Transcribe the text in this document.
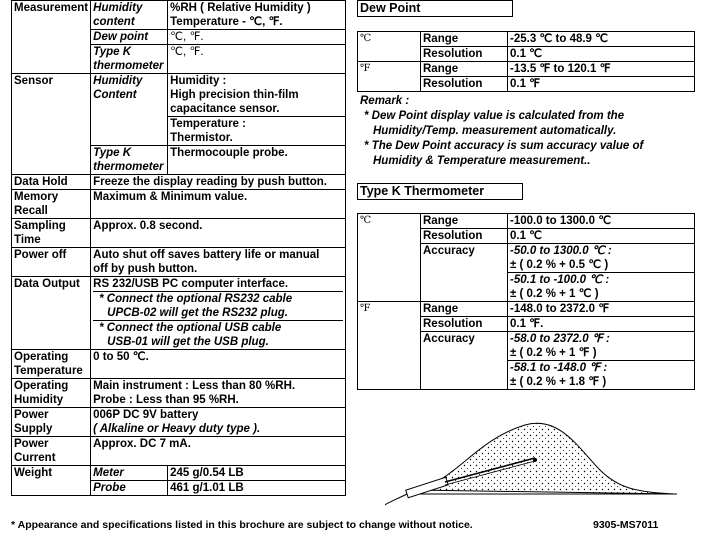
Measurement	Humidity content	%RH ( Relative Humidity )
Temperature - ℃, ℉.
	Dew point	℃, ℉.
	Type K thermometer	℃, ℉.
Sensor	Humidity Content	Humidity :
High precision thin-film
capacitance sensor.
		Temperature :
Thermistor.
	Type K thermometer	Thermocouple probe.
Data Hold	Freeze the display reading by push button.	
Memory Recall	Maximum & Minimum value.	
Sampling Time	Approx. 0.8 second.	
Power off	Auto shut off saves battery life or manual
off by push button.	
Data Output	RS 232/USB PC computer interface.
* Connect the optional RS232 cable
UPCB-02 will get the RS232 plug.
* Connect the optional USB cable
USB-01 will get the USB plug.	

Operating Temperature	0 to 50 ℃.	
Operating Humidity	Main instrument : Less than 80 %RH.
Probe : Less than 95 %RH.	
Power Supply	006P DC 9V battery
( Alkaline or Heavy duty type ).	
Power Current	Approx. DC 7 mA.	
Weight	Meter	245 g/0.54 LB
	Probe	461 g/1.01 LB
Dew Point
℃	Range	-25.3 ℃ to 48.9 ℃
	Resolution	0.1 ℃
℉	Range	-13.5 ℉ to 120.1 ℉
	Resolution	0.1 ℉
Remark :
* Dew Point display value is calculated from the
Humidity/Temp. measurement automatically.
* The Dew Point accuracy is sum accuracy value of
Humidity & Temperature measurement..
Type K Thermometer
℃	Range	-100.0 to 1300.0 ℃
	Resolution	0.1 ℃
	Accuracy	-50.0 to 1300.0 ℃ :
± ( 0.2 % + 0.5 ℃ )
		-50.1 to -100.0 ℃ :
± ( 0.2 % + 1 ℃ )
℉	Range	-148.0 to 2372.0 ℉
	Resolution	0.1 ℉.
	Accuracy	-58.0 to 2372.0 ℉ :
± ( 0.2 % + 1 ℉ )
		-58.1 to -148.0 ℉ :
± ( 0.2 % + 1.8 ℉ )
* Appearance and specifications listed in this brochure are subject to change without notice.	9305-MS7011
